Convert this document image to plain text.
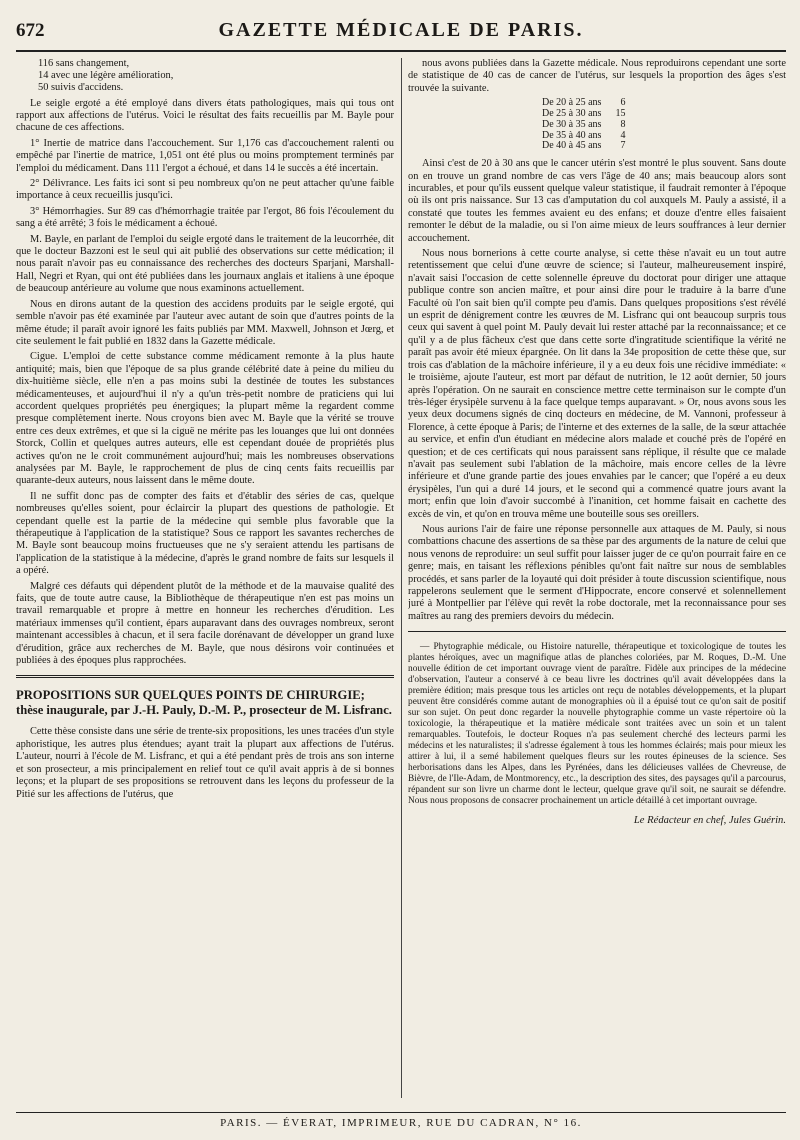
672	GAZETTE MÉDICALE DE PARIS.
116 sans changement,
14 avec une légère amélioration,
50 suivis d'accidens.

Le seigle ergoté a été employé dans divers états pathologiques, mais qui tous ont rapport aux affections de l'utérus. Voici le résultat des faits recueillis par M. Bayle pour chacune de ces affections.

1° Inertie de matrice dans l'accouchement. Sur 1,176 cas d'accouchement ralenti ou empêché par l'inertie de matrice, 1,051 ont été plus ou moins promptement terminés par l'emploi du médicament. Dans 111 l'ergot a échoué, et dans 14 le succès a été incertain.

2° Délivrance. Les faits ici sont si peu nombreux qu'on ne peut attacher qu'une faible importance à ceux recueillis jusqu'ici.

3° Hémorrhagies. Sur 89 cas d'hémorrhagie traitée par l'ergot, 86 fois l'écoulement du sang a été arrêté; 3 fois le médicament a échoué.

M. Bayle, en parlant de l'emploi du seigle ergoté dans le traitement de la leucorrhée, dit que le docteur Bazzoni est le seul qui ait publié des observations sur cette médication; il nous paraît n'avoir pas eu connaissance des recherches des docteurs Sparjani, Marshall-Hall, Negri et Ryan, qui ont été publiées dans les journaux anglais et italiens à une époque de beaucoup antérieure au volume que nous examinons actuellement.

Nous en dirons autant de la question des accidens produits par le seigle ergoté, qui semble n'avoir pas été examinée par l'auteur avec autant de soin que d'autres points de la même étude; il paraît avoir ignoré les faits publiés par MM. Maxwell, Johnson et Jœrg, et cite seulement le fait publié en 1832 dans la Gazette médicale.

Cigue. L'emploi de cette substance comme médicament remonte à la plus haute antiquité; mais, bien que l'époque de sa plus grande célébrité date à peine du milieu du dix-huitième siècle, elle n'en a pas moins subi la destinée de toutes les substances médicamenteuses, et aujourd'hui il n'y a qu'un très-petit nombre de praticiens qui lui accordent quelques propriétés peu énergiques; la plupart même la regardent comme presque complètement inerte. Nous croyons bien avec M. Bayle que la vérité se trouve entre ces deux extrêmes, et que si la ciguë ne mérite pas les louanges que lui ont données Storck, Collin et quelques autres auteurs, elle est cependant douée de propriétés plus actives qu'on ne le croit communément aujourd'hui; mais les nombreuses observations analysées par M. Bayle, le rapprochement de plus de cinq cents faits recueillis par quarante-deux auteurs, nous laissent dans le même doute.

Il ne suffit donc pas de compter des faits et d'établir des séries de cas, quelque nombreuses qu'elles soient, pour éclaircir la plupart des questions de pathologie. Et cependant quelle est la partie de la médecine qui semble plus favorable que la thérapeutique à l'application de la statistique? Sous ce rapport les savantes recherches de M. Bayle sont beaucoup moins fructueuses que ne s'y seraient attendu les partisans de l'application de la statistique à la médecine, d'après le grand nombre de faits sur lesquels il a opéré.

Malgré ces défauts qui dépendent plutôt de la méthode et de la mauvaise qualité des faits, que de toute autre cause, la Bibliothèque de thérapeutique n'en est pas moins un travail remarquable et propre à mettre en honneur les recherches d'érudition. Les matériaux immenses qu'il contient, épars auparavant dans des ouvrages nombreux, seront maintenant accessibles à chacun, et il sera facile dorénavant de développer un grand luxe d'érudition, grâce aux recherches de M. Bayle, que nous désirons voir continuées et publiées à des époques plus rapprochées.

PROPOSITIONS SUR QUELQUES POINTS DE CHIRURGIE; thèse inaugurale, par J.-H. Pauly, D.-M. P., prosecteur de M. Lisfranc.

Cette thèse consiste dans une série de trente-six propositions, les unes tracées d'un style aphoristique, les autres plus étendues; ayant trait la plupart aux affections de l'utérus. L'auteur, nourri à l'école de M. Lisfranc, et qui a été pendant près de trois ans son interne et son prosecteur, a mis principalement en relief tout ce qu'il avait appris à de si bonnes leçons; et la plupart de ses propositions se retrouvent dans les leçons du professeur de la Pitié sur les affections de l'utérus, que

nous avons publiées dans la Gazette médicale. Nous reproduirons cependant une sorte de statistique de 40 cas de cancer de l'utérus, sur lesquels la proportion des âges s'est trouvée la suivante.

De 20 à 25 ans	6
De 25 à 30 ans	15
De 30 à 35 ans	8
De 35 à 40 ans	4
De 40 à 45 ans	7

Ainsi c'est de 20 à 30 ans que le cancer utérin s'est montré le plus souvent. Sans doute on en trouve un grand nombre de cas vers l'âge de 40 ans; mais beaucoup alors sont incurables, et pour qu'ils eussent quelque valeur statistique, il faudrait remonter à l'époque où ils ont pris naissance. Sur 13 cas d'amputation du col auxquels M. Pauly a assisté, il a constaté que toutes les femmes avaient eu des enfans; et douze d'entre elles faisaient remonter le début de la maladie, ou si l'on aime mieux de leurs souffrances à leur dernier accouchement.

Nous nous bornerions à cette courte analyse, si cette thèse n'avait eu un tout autre retentissement que celui d'une œuvre de science; si l'auteur, malheureusement inspiré, n'avait saisi l'occasion de cette solennelle épreuve du doctorat pour diriger une attaque publique contre son ancien maître, et pour ainsi dire pour le traduire à la barre d'une Faculté où l'on sait bien qu'il compte peu d'amis. Dans quelques propositions s'est révélé un esprit de dénigrement contre les œuvres de M. Lisfranc qui ont beaucoup surpris tous ceux qui savent à quel point M. Pauly devait lui rester attaché par la reconnaissance; et ce qu'il y a de plus fâcheux c'est que dans cette sorte d'ingratitude scientifique la vérité ne paraît pas avoir été mieux épargnée. On lit dans la 34e proposition de cette thèse que, sur trois cas d'ablation de la mâchoire inférieure, il y a eu deux fois une récidive immédiate: « le troisième, ajoute l'auteur, est mort par défaut de nutrition, le 12 août dernier, 50 jours après l'opération. On ne saurait en conscience mettre cette terminaison sur le compte d'un très-léger érysipèle survenu à la face quelque temps auparavant. » Or, nous avons sous les yeux deux documens signés de cinq docteurs en médecine, de M. Vannoni, professeur à Florence, à cette époque à Paris; de l'interne et des externes de la salle, de la sœur attachée au service, et enfin d'un étudiant en médecine alors malade et couché près de l'opéré en question; et de ces certificats qui nous paraissent sans réplique, il résulte que ce malade n'avait pas seulement subi l'ablation de la mâchoire, mais encore celles de la lèvre inférieure et d'une grande partie des joues envahies par le cancer; que l'opéré a eu deux érysipèles, l'un qui a duré 14 jours, et le second qui a commencé quatre jours avant la mort; enfin que loin d'avoir succombé à l'inanition, cet homme faisait en cachette des excès de vin, et qu'on en trouva même une bouteille sous ses oreillers.

Nous aurions l'air de faire une réponse personnelle aux attaques de M. Pauly, si nous combattions chacune des assertions de sa thèse par des arguments de la nature de celui que nous venons de reproduire: un seul suffit pour laisser juger de ce qu'on pourrait faire en ce genre; mais, en taisant les réflexions pénibles qu'ont fait naître sur nous de semblables procédés, et sans parler de la loyauté qui doit présider à toute discussion scientifique, nous rappelerons seulement que le serment d'Hippocrate, encore conservé et solennellement juré à Montpellier par l'élève qui revêt la robe doctorale, met la reconnaissance pour ses maîtres au rang des premiers devoirs du médecin.

— Phytographie médicale, ou Histoire naturelle, thérapeutique et toxicologique de toutes les plantes héroïques, avec un magnifique atlas de planches coloriées, par M. Roques, D.-M. Une nouvelle édition de cet important ouvrage vient de paraître. Fidèle aux principes de la médecine d'observation, l'auteur a conservé à ce beau livre les doctrines qu'il avait développées dans la première édition; mais presque tous les articles ont reçu de notables développements, et la plupart peuvent être considérés comme autant de monographies où il a épuisé tout ce qu'on sait de positif sur son sujet. On peut donc regarder la nouvelle phytographie comme un vaste répertoire où la toxicologie, la thérapeutique et la matière médicale sont traitées avec un soin et un talent remarquables. Toutefois, le docteur Roques n'a pas seulement cherché des lecteurs parmi les médecins et les naturalistes; il s'adresse également à tous les hommes éclairés; mais pour mieux les attirer à lui, il a semé habilement quelques fleurs sur les routes épineuses de la science. Ses herborisations dans les Alpes, dans les Pyrénées, dans les délicieuses vallées de Chevreuse, de Bièvre, de l'Ile-Adam, de Montmorency, etc., la description des sites, des paysages qu'il a parcourus, répandent sur son livre un charme dont le lecteur, quelque grave qu'il soit, ne saurait se défendre. Nous nous proposons de consacrer prochainement un article détaillé à cet important ouvrage.

Le Rédacteur en chef, Jules Guérin.
PARIS. — ÉVERAT, IMPRIMEUR, RUE DU CADRAN, N° 16.
